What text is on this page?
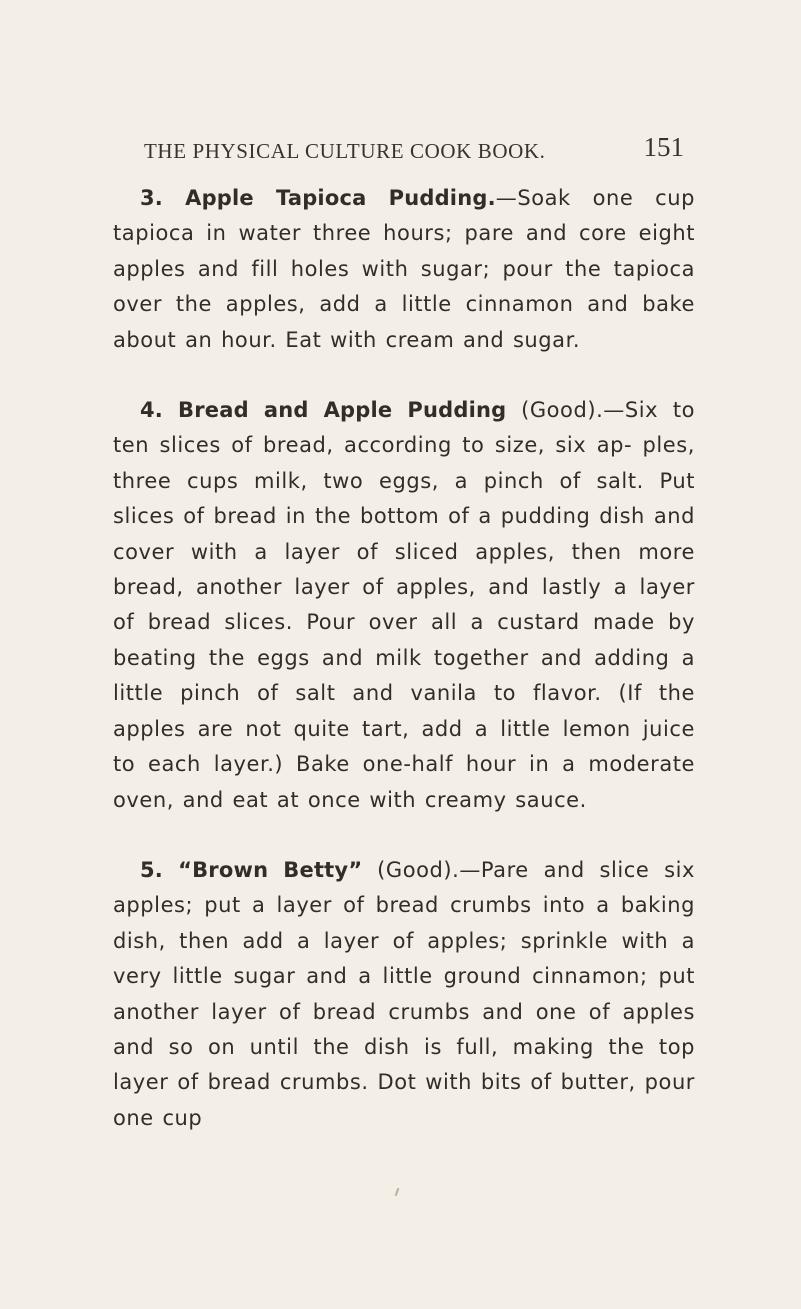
THE PHYSICAL CULTURE COOK BOOK.	151

3. Apple Tapioca Pudding.—Soak one cup tapioca in water three hours; pare and core eight apples and fill holes with sugar; pour the tapioca over the apples, add a little cinnamon and bake about an hour. Eat with cream and sugar.

4. Bread and Apple Pudding (Good).—Six to ten slices of bread, according to size, six ap- ples, three cups milk, two eggs, a pinch of salt. Put slices of bread in the bottom of a pudding dish and cover with a layer of sliced apples, then more bread, another layer of apples, and lastly a layer of bread slices. Pour over all a custard made by beating the eggs and milk together and adding a little pinch of salt and vanila to flavor. (If the apples are not quite tart, add a little lemon juice to each layer.) Bake one-half hour in a moderate oven, and eat at once with creamy sauce.

5. “Brown Betty” (Good).—Pare and slice six apples; put a layer of bread crumbs into a baking dish, then add a layer of apples; sprinkle with a very little sugar and a little ground cinnamon; put another layer of bread crumbs and one of apples and so on until the dish is full, making the top layer of bread crumbs. Dot with bits of butter, pour one cup
